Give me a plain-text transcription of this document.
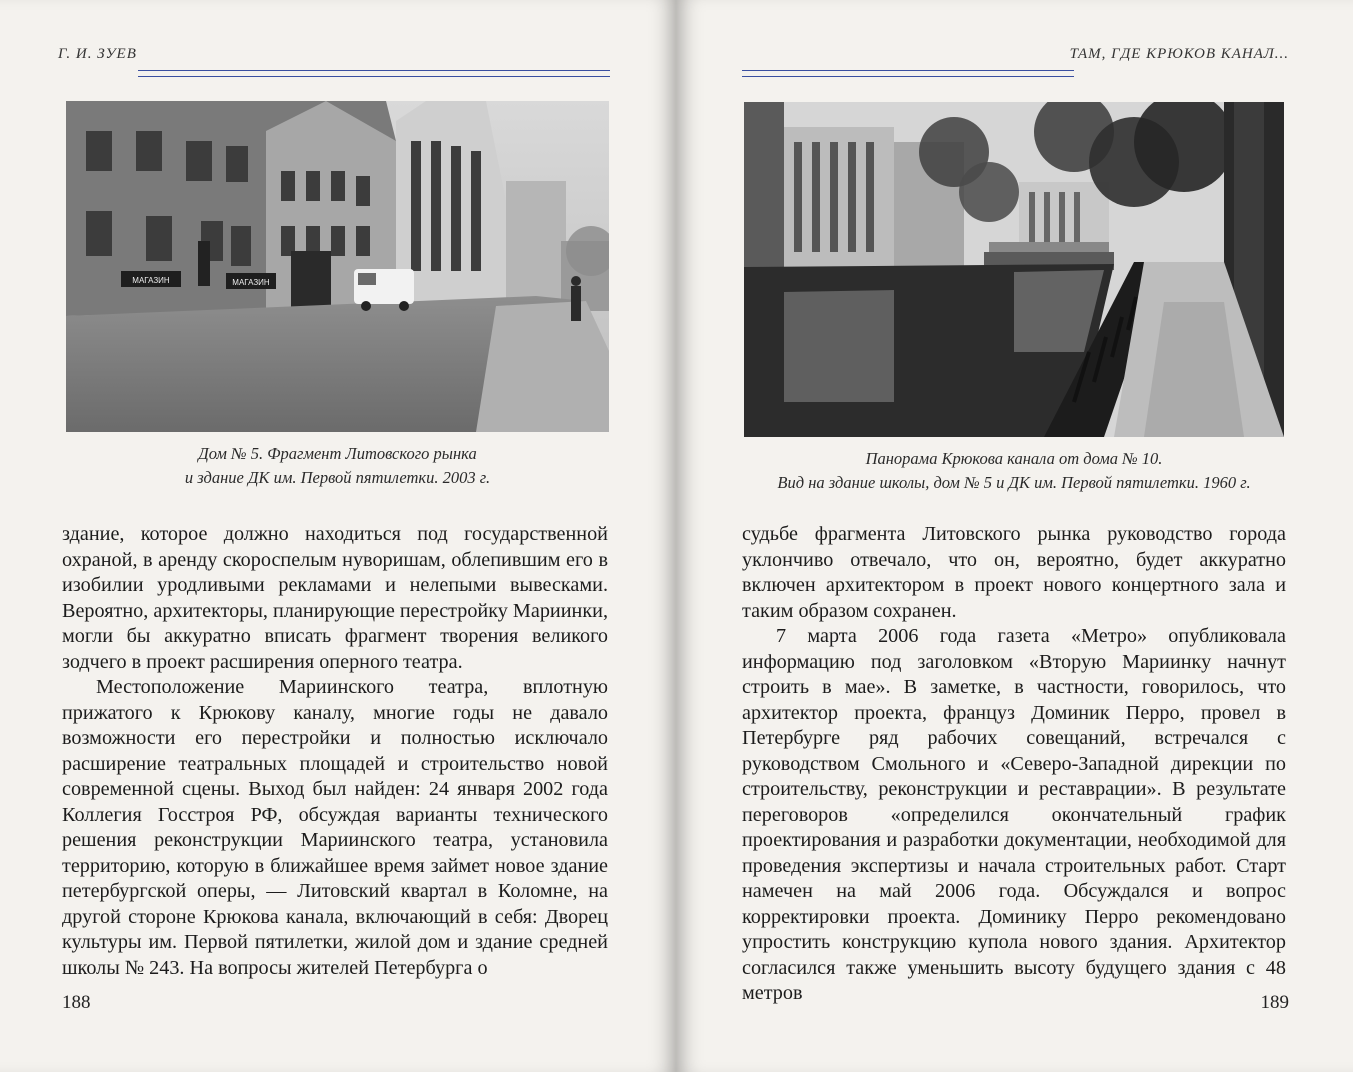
Г. И. ЗУЕВ
МАГАЗИН	МАГАЗИН
Дом № 5. Фрагмент Литовского рынка
и здание ДК им. Первой пятилетки. 2003 г.

здание, которое должно находиться под государственной охраной, в аренду скороспелым нуворишам, облепившим его в изобилии уродливыми рекламами и нелепыми вывесками. Вероятно, архитекторы, планирующие перестройку Мариинки, могли бы аккуратно вписать фрагмент творения великого зодчего в проект расширения оперного театра.

Местоположение Мариинского театра, вплотную прижатого к Крюкову каналу, многие годы не давало возможности его перестройки и полностью исключало расширение театральных площадей и строительство новой современной сцены. Выход был найден: 24 января 2002 года Коллегия Госстроя РФ, обсуждая варианты технического решения реконструкции Мариинского театра, установила территорию, которую в ближайшее время займет новое здание петербургской оперы, — Литовский квартал в Коломне, на другой стороне Крюкова канала, включающий в себя: Дворец культуры им. Первой пятилетки, жилой дом и здание средней школы № 243. На вопросы жителей Петербурга о

188
ТАМ, ГДЕ КРЮКОВ КАНАЛ...
Панорама Крюкова канала от дома № 10.
Вид на здание школы, дом № 5 и ДК им. Первой пятилетки. 1960 г.

судьбе фрагмента Литовского рынка руководство города уклончиво отвечало, что он, вероятно, будет аккуратно включен архитектором в проект нового концертного зала и таким образом сохранен.

7 марта 2006 года газета «Метро» опубликовала информацию под заголовком «Вторую Мариинку начнут строить в мае». В заметке, в частности, говорилось, что архитектор проекта, француз Доминик Перро, провел в Петербурге ряд рабочих совещаний, встречался с руководством Смольного и «Северо-Западной дирекции по строительству, реконструкции и реставрации». В результате переговоров «определился окончательный график проектирования и разработки документации, необходимой для проведения экспертизы и начала строительных работ. Старт намечен на май 2006 года. Обсуждался и вопрос корректировки проекта. Доминику Перро рекомендовано упростить конструкцию купола нового здания. Архитектор согласился также уменьшить высоту будущего здания с 48 метров	189
